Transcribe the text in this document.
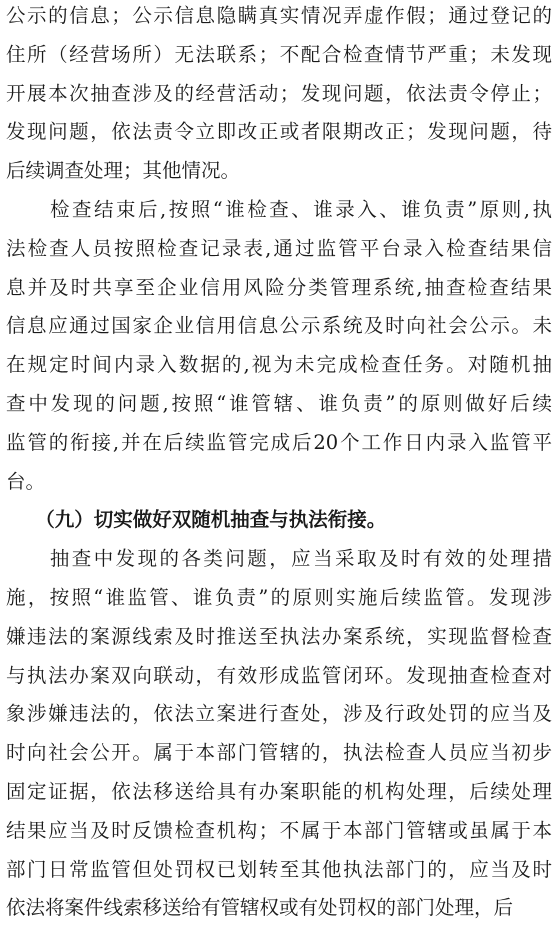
公示的信息；公示信息隐瞒真实情况弄虚作假；通过登记的
住所（经营场所）无法联系；不配合检查情节严重；未发现
开展本次抽查涉及的经营活动；发现问题，依法责令停止；
发现问题，依法责令立即改正或者限期改正；发现问题，待
后续调查处理；其他情况。
　　检查结束后,按照“谁检查、谁录入、谁负责”原则,执
法检查人员按照检查记录表,通过监管平台录入检查结果信
息并及时共享至企业信用风险分类管理系统,抽查检查结果
信息应通过国家企业信用信息公示系统及时向社会公示。未
在规定时间内录入数据的,视为未完成检查任务。对随机抽
查中发现的问题,按照“谁管辖、谁负责”的原则做好后续
监管的衔接,并在后续监管完成后20个工作日内录入监管平
台。
　　（九）切实做好双随机抽查与执法衔接。
　　抽查中发现的各类问题，应当采取及时有效的处理措
施，按照“谁监管、谁负责”的原则实施后续监管。发现涉
嫌违法的案源线索及时推送至执法办案系统，实现监督检查
与执法办案双向联动，有效形成监管闭环。发现抽查检查对
象涉嫌违法的，依法立案进行查处，涉及行政处罚的应当及
时向社会公开。属于本部门管辖的，执法检查人员应当初步
固定证据，依法移送给具有办案职能的机构处理，后续处理
结果应当及时反馈检查机构；不属于本部门管辖或虽属于本
部门日常监管但处罚权已划转至其他执法部门的，应当及时
依法将案件线索移送给有管辖权或有处罚权的部门处理，后
